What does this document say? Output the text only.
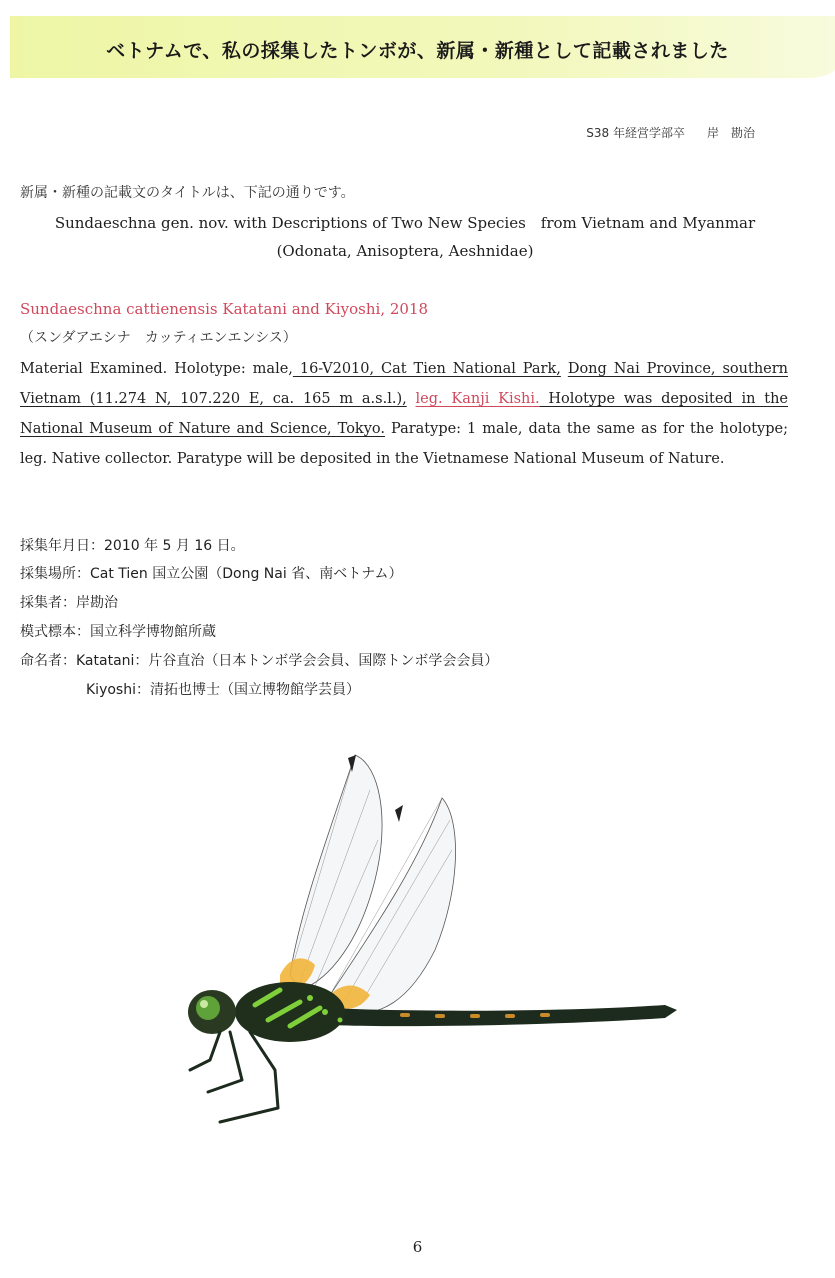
ベトナムで、私の採集したトンボが、新属・新種として記載されました

S38 年経営学部卒 岸　勘治

新属・新種の記載文のタイトルは、下記の通りです。

Sundaeschna gen. nov. with Descriptions of Two New Species　from Vietnam and Myanmar

(Odonata, Anisoptera, Aeshnidae)

Sundaeschna cattienensis Katatani and Kiyoshi, 2018

（スンダアエシナ　カッティエンエンシス）

Material Examined. Holotype: male, 16-V2010, Cat Tien National Park, Dong Nai Province, southern Vietnam (11.274 N, 107.220 E, ca. 165 m a.s.l.), leg. Kanji Kishi. Holotype was deposited in the National Museum of Nature and Science, Tokyo. Paratype: 1 male, data the same as for the holotype; leg. Native collector. Paratype will be deposited in the Vietnamese National Museum of Nature.

採集年月日：2010 年 5 月 16 日。

採集場所：Cat Tien 国立公園（Dong Nai 省、南ベトナム）

採集者：岸勘治

模式標本：国立科学博物館所蔵

命名者：Katatani：片谷直治（日本トンボ学会会員、国際トンボ学会会員）

Kiyoshi：清拓也博士（国立博物館学芸員）

6
